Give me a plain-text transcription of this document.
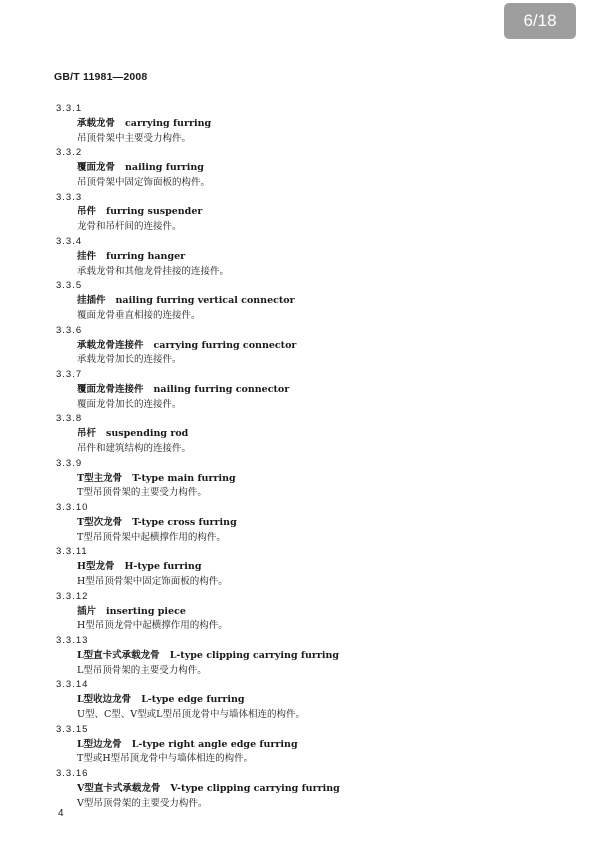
6/18
GB/T 11981—2008
3.3.1
承载龙骨 carrying furring
吊顶骨架中主要受力构件。
3.3.2
覆面龙骨 nailing furring
吊顶骨架中固定饰面板的构件。
3.3.3
吊件 furring suspender
龙骨和吊杆间的连接件。
3.3.4
挂件 furring hanger
承载龙骨和其他龙骨挂接的连接件。
3.3.5
挂插件 nailing furring vertical connector
覆面龙骨垂直相接的连接件。
3.3.6
承载龙骨连接件 carrying furring connector
承载龙骨加长的连接件。
3.3.7
覆面龙骨连接件 nailing furring connector
覆面龙骨加长的连接件。
3.3.8
吊杆 suspending rod
吊件和建筑结构的连接件。
3.3.9
T型主龙骨 T-type main furring
T型吊顶骨架的主要受力构件。
3.3.10
T型次龙骨 T-type cross furring
T型吊顶骨架中起横撑作用的构件。
3.3.11
H型龙骨 H-type furring
H型吊顶骨架中固定饰面板的构件。
3.3.12
插片 inserting piece
H型吊顶龙骨中起横撑作用的构件。
3.3.13
L型直卡式承载龙骨 L-type clipping carrying furring
L型吊顶骨架的主要受力构件。
3.3.14
L型收边龙骨 L-type edge furring
U型、C型、V型或L型吊顶龙骨中与墙体相连的构件。
3.3.15
L型边龙骨 L-type right angle edge furring
T型或H型吊顶龙骨中与墙体相连的构件。
3.3.16
V型直卡式承载龙骨 V-type clipping carrying furring
V型吊顶骨架的主要受力构件。
4
